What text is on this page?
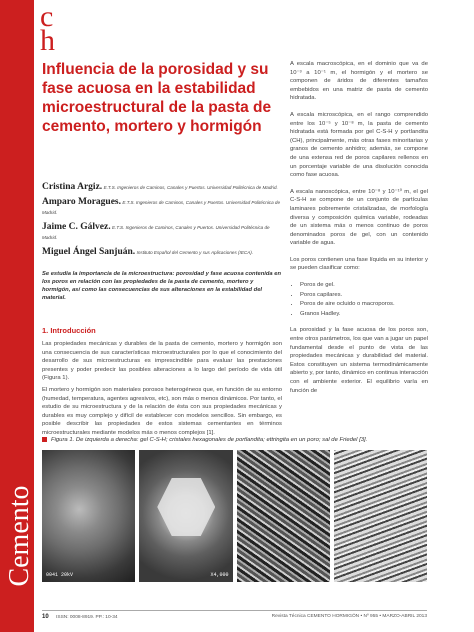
Cemento
c
h
Influencia de la porosidad y su fase acuosa en la estabilidad microestructural de la pasta de cemento, mortero y hormigón
Cristina Argiz. E.T.S. Ingenieros de Caminos, Canales y Puertos. Universidad Politécnica de Madrid.
Amparo Moragues. E.T.S. Ingenieros de Caminos, Canales y Puertos. Universidad Politécnica de Madrid.
Jaime C. Gálvez. E.T.S. Ingenieros de Caminos, Canales y Puertos. Universidad Politécnica de Madrid.
Miguel Ángel Sanjuán. Instituto Español del Cemento y sus Aplicaciones (IECA).
Se estudia la importancia de la microestructura: porosidad y fase acuosa contenida en los poros en relación con las propiedades de la pasta de cemento, mortero y hormigón, así como las consecuencias de sus alteraciones en la estabilidad del material.
1. Introducción
Las propiedades mecánicas y durables de la pasta de cemento, mortero y hormigón son una consecuencia de sus características microestructurales por lo que el conocimiento del desarrollo de sus microestructuras es imprescindible para evaluar las prestaciones presentes y poder predecir las posibles alteraciones a lo largo del período de vida útil (Figura 1).
El mortero y hormigón son materiales porosos heterogéneos que, en función de su entorno (humedad, temperatura, agentes agresivos, etc), son más o menos dinámicos. Por tanto, el estudio de su microestructura y de la relación de ésta con sus propiedades mecánicas y durables es muy complejo y difícil de establecer con modelos sencillos. Sin embargo, es posible describir las propiedades de estos sistemas cementantes en términos microestructurales mediante modelos más o menos complejos [1].

A escala macroscópica, en el dominio que va de 10⁻³ a 10⁻¹ m, el hormigón y el mortero se componen de áridos de diferentes tamaños embebidos en una matriz de pasta de cemento hidratada.

A escala microscópica, en el rango comprendido entre los 10⁻⁵ y 10⁻⁸ m, la pasta de cemento hidratada está formada por gel C-S-H y portlandita (CH), principalmente, más otras fases minoritarias y granos de cemento anhidro; además, se compone de una extensa red de poros capilares rellenos en un porcentaje variable de una disolución conocida como fase acuosa.

A escala nanoscópica, entre 10⁻⁸ y 10⁻¹⁰ m, el gel C-S-H se compone de un conjunto de partículas laminares pobremente cristalizadas, de morfología diversa y composición química variable, rodeadas de un sistema más o menos continuo de poros denominados poros de gel, con un contenido variable de agua.

Los poros contienen una fase líquida en su interior y se pueden clasificar como:

• Poros de gel.
• Poros capilares.
• Poros de aire ocluido o macroporos.
• Granos Hadley.

La porosidad y la fase acuosa de los poros son, entre otros parámetros, los que van a jugar un papel fundamental desde el punto de vista de las propiedades mecánicas y durabilidad del material. Estos constituyen un sistema termodinámicamente abierto y, por tanto, dinámico en continua interacción con el ambiente exterior. El equilibrio varía en función de

Figura 1. De izquierda a derecha: gel C-S-H; cristales hexagonales de portlandita; ettringita en un poro; sal de Friedel [3].
0041 20kV	X4,000
10 ISSN: 0008-8919. PP.: 10-34	Revista Técnica CEMENTO HORMIGÓN • Nº 955 • MARZO-ABRIL 2013
